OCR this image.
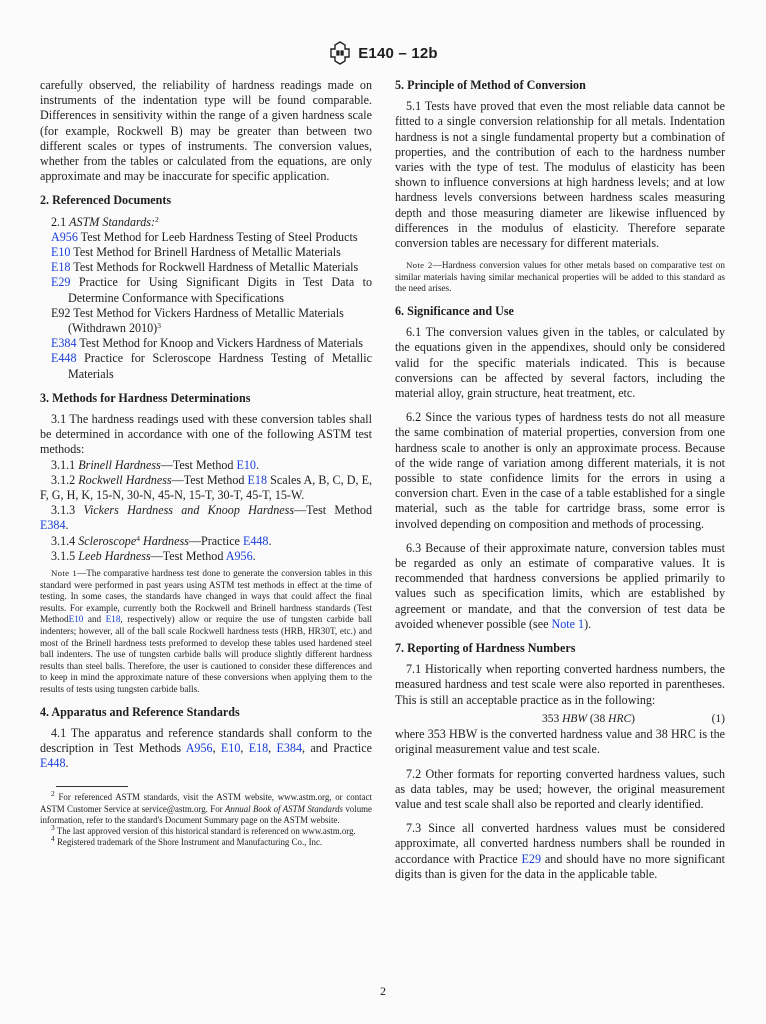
E140 – 12b

carefully observed, the reliability of hardness readings made on instruments of the indentation type will be found comparable. Differences in sensitivity within the range of a given hardness scale (for example, Rockwell B) may be greater than between two different scales or types of instruments. The conversion values, whether from the tables or calculated from the equations, are only approximate and may be inaccurate for specific application.

2. Referenced Documents

2.1 ASTM Standards:$^2$

A956 Test Method for Leeb Hardness Testing of Steel Products

E10 Test Method for Brinell Hardness of Metallic Materials

E18 Test Methods for Rockwell Hardness of Metallic Materials

E29 Practice for Using Significant Digits in Test Data to Determine Conformance with Specifications

E92 Test Method for Vickers Hardness of Metallic Materials (Withdrawn 2010)$^3$

E384 Test Method for Knoop and Vickers Hardness of Materials

E448 Practice for Scleroscope Hardness Testing of Metallic Materials

3. Methods for Hardness Determinations

3.1 The hardness readings used with these conversion tables shall be determined in accordance with one of the following ASTM test methods:

3.1.1 Brinell Hardness—Test Method E10.

3.1.2 Rockwell Hardness—Test Method E18 Scales A, B, C, D, E, F, G, H, K, 15-N, 30-N, 45-N, 15-T, 30-T, 45-T, 15-W.

3.1.3 Vickers Hardness and Knoop Hardness—Test Method E384.

3.1.4 Scleroscope$^4$ Hardness—Practice E448.

3.1.5 Leeb Hardness—Test Method A956.

Note 1—The comparative hardness test done to generate the conversion tables in this standard were performed in past years using ASTM test methods in effect at the time of testing. In some cases, the standards have changed in ways that could affect the final results. For example, currently both the Rockwell and Brinell hardness standards (Test MethodE10 and E18, respectively) allow or require the use of tungsten carbide ball indenters; however, all of the ball scale Rockwell hardness tests (HRB, HR30T, etc.) and most of the Brinell hardness tests preformed to develop these tables used hardened steel ball indenters. The use of tungsten carbide balls will produce slightly different hardness results than steel balls. Therefore, the user is cautioned to consider these differences and to keep in mind the approximate nature of these conversions when applying them to the results of tests using tungsten carbide balls.

4. Apparatus and Reference Standards

4.1 The apparatus and reference standards shall conform to the description in Test Methods A956, E10, E18, E384, and Practice E448.

$^2$ For referenced ASTM standards, visit the ASTM website, www.astm.org, or contact ASTM Customer Service at service@astm.org. For Annual Book of ASTM Standards volume information, refer to the standard's Document Summary page on the ASTM website.

$^3$ The last approved version of this historical standard is referenced on www.astm.org.

$^4$ Registered trademark of the Shore Instrument and Manufacturing Co., Inc.

5. Principle of Method of Conversion

5.1 Tests have proved that even the most reliable data cannot be fitted to a single conversion relationship for all metals. Indentation hardness is not a single fundamental property but a combination of properties, and the contribution of each to the hardness number varies with the type of test. The modulus of elasticity has been shown to influence conversions at high hardness levels; and at low hardness levels conversions between hardness scales measuring depth and those measuring diameter are likewise influenced by differences in the modulus of elasticity. Therefore separate conversion tables are necessary for different materials.

Note 2—Hardness conversion values for other metals based on comparative test on similar materials having similar mechanical properties will be added to this standard as the need arises.

6. Significance and Use

6.1 The conversion values given in the tables, or calculated by the equations given in the appendixes, should only be considered valid for the specific materials indicated. This is because conversions can be affected by several factors, including the material alloy, grain structure, heat treatment, etc.

6.2 Since the various types of hardness tests do not all measure the same combination of material properties, conversion from one hardness scale to another is only an approximate process. Because of the wide range of variation among different materials, it is not possible to state confidence limits for the errors in using a conversion chart. Even in the case of a table established for a single material, such as the table for cartridge brass, some error is involved depending on composition and methods of processing.

6.3 Because of their approximate nature, conversion tables must be regarded as only an estimate of comparative values. It is recommended that hardness conversions be applied primarily to values such as specification limits, which are established by agreement or mandate, and that the conversion of test data be avoided whenever possible (see Note 1).

7. Reporting of Hardness Numbers

7.1 Historically when reporting converted hardness numbers, the measured hardness and test scale were also reported in parentheses. This is still an acceptable practice as in the following:

353 HBW (38 HRC)	(1)

where 353 HBW is the converted hardness value and 38 HRC is the original measurement value and test scale.

7.2 Other formats for reporting converted hardness values, such as data tables, may be used; however, the original measurement value and test scale shall also be reported and clearly identified.

7.3 Since all converted hardness values must be considered approximate, all converted hardness numbers shall be rounded in accordance with Practice E29 and should have no more significant digits than is given for the data in the applicable table.

2
